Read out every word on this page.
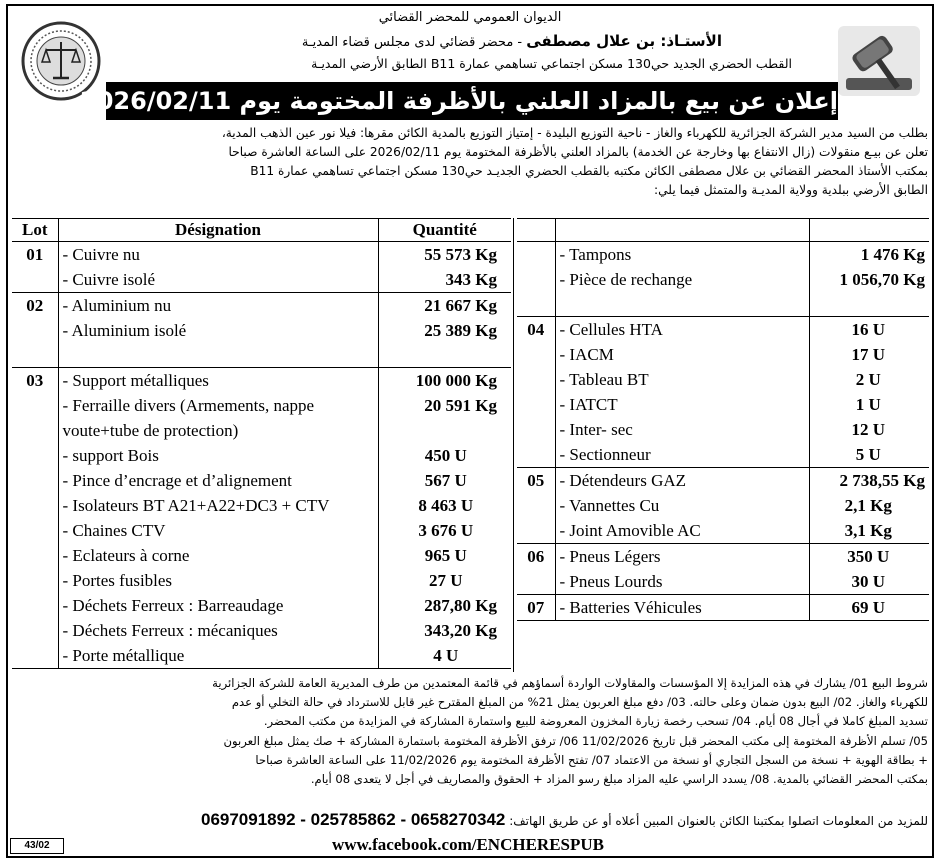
الديوان العمومي للمحضر القضائي
الأستـاذ: بن علال مصطفى - محضر قضائي لدى مجلس قضاء المديـة
القطب الحضري الجديد حي130 مسكن اجتماعي تساهمي عمارة B11 الطابق الأرضي المديـة
إعلان عن بيع بالمزاد العلني بالأظرفة المختومة يوم 2026/02/11

بطلب من السيد مدير الشركة الجزائرية للكهرباء والغاز - ناحية التوزيع البليدة - إمتياز التوزيع بالمدية الكائن مقرها: فيلا نور عين الذهب المدية،

تعلن عن بيـع منقولات (زال الانتفاع بها وخارجة عن الخدمة) بالمزاد العلني بالأظرفة المختومة يوم 2026/02/11 على الساعة العاشرة صباحا

بمكتب الأستاذ المحضر القضائي بن علال مصطفى الكائن مكتبه بالقطب الحضري الجديـد حي130 مسكن اجتماعي تساهمي عمارة B11

الطابق الأرضي ببلدية وولاية المديـة والمتمثل فيما يلي:

Lot	Désignation	Quantité
01	- Cuivre nu	55 573 Kg
	- Cuivre isolé	343 Kg
02	- Aluminium nu	21 667 Kg
	- Aluminium isolé	25 389 Kg

03	- Support métalliques	100 000 Kg
	- Ferraille divers (Armements, nappe voute+tube de protection)	20 591 Kg
	- support Bois	450 U
	- Pince d’encrage et d’alignement	567 U
	- Isolateurs BT A21+A22+DC3 + CTV	8 463 U
	- Chaines CTV	3 676 U
	- Eclateurs à corne	965 U
	- Portes fusibles	27 U
	- Déchets Ferreux : Barreaudage	287,80 Kg
	- Déchets Ferreux : mécaniques	343,20 Kg
	- Porte métallique	4 U

	- Tampons	1 476 Kg
	- Pièce de rechange	1 056,70 Kg

04	- Cellules HTA	16 U
	- IACM	17 U
	- Tableau BT	2 U
	- IATCT	1 U
	- Inter- sec	12 U
	- Sectionneur	5 U
05	- Détendeurs GAZ	2 738,55 Kg
	- Vannettes Cu	2,1 Kg
	- Joint Amovible AC	3,1 Kg
06	- Pneus Légers	350 U
	- Pneus Lourds	30 U
07	- Batteries Véhicules	69 U

شروط البيع 01/ يشارك في هذه المزايدة إلا المؤسسات والمقاولات الواردة أسماؤهم في قائمة المعتمدين من طرف المديرية العامة للشركة الجزائرية

للكهرباء والغاز. 02/ البيع بدون ضمان وعلى حالته. 03/ دفع مبلغ العربون يمثل 21% من المبلغ المقترح غير قابل للاسترداد في حالة التخلي أو عدم

تسديد المبلغ كاملا في أجال 08 أيام. 04/ تسحب رخصة زيارة المخزون المعروضة للبيع واستمارة المشاركة في المزايدة من مكتب المحضر.

05/ تسلم الأظرفة المختومة إلى مكتب المحضر قبل تاريخ 11/02/2026 06/ ترفق الأظرفة المختومة باستمارة المشاركة + صك يمثل مبلغ العربون

+ بطاقة الهوية + نسخة من السجل التجاري أو نسخة من الاعتماد 07/ تفتح الأظرفة المختومة يوم 11/02/2026 على الساعة العاشرة صباحا

بمكتب المحضر القضائي بالمدية. 08/ يسدد الراسي عليه المزاد مبلغ رسو المزاد + الحقوق والمصاريف في أجل لا يتعدى 08 أيام.

للمزيد من المعلومات اتصلوا بمكتبنا الكائن بالعنوان المبين أعلاه أو عن طريق الهاتف: 0697091892 - 025785862 - 0658270342
43/02	www.facebook.com/ENCHERESPUB
